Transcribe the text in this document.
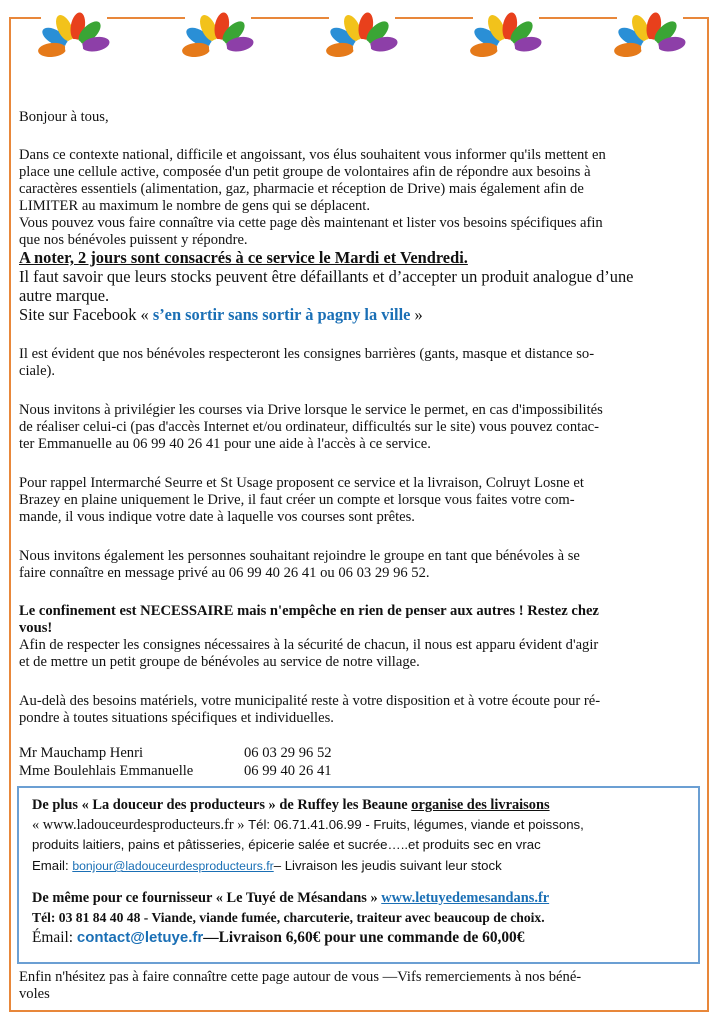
Bonjour à tous,

Dans ce contexte national, difficile et angoissant, vos élus souhaitent vous informer qu'ils mettent en

place une cellule active, composée d'un petit groupe de volontaires afin de répondre aux besoins à

caractères essentiels (alimentation, gaz, pharmacie et réception de Drive) mais également afin de

LIMITER au maximum le nombre de gens qui se déplacent.

Vous pouvez vous faire connaître via cette page dès maintenant et lister vos besoins spécifiques afin

que nos bénévoles puissent y répondre.

A noter, 2 jours sont consacrés à ce service le Mardi et Vendredi.

Il faut savoir que leurs stocks peuvent être défaillants et d’accepter un produit analogue d’une

autre marque.

Site sur Facebook « s’en sortir sans sortir à pagny la ville »

Il est évident que nos bénévoles respecteront les consignes barrières (gants, masque et distance so-

ciale).

Nous invitons à privilégier les courses via Drive lorsque le service le permet, en cas d'impossibilités

de réaliser celui-ci (pas d'accès Internet et/ou ordinateur, difficultés sur le site) vous pouvez contac-

ter Emmanuelle au 06 99 40 26 41 pour une aide à l'accès à ce service.

Pour rappel Intermarché Seurre et St Usage proposent ce service et la livraison, Colruyt Losne et

Brazey en plaine uniquement le Drive, il faut créer un compte et lorsque vous faites votre com-

mande, il vous indique votre date à laquelle vos courses sont prêtes.

Nous invitons également les personnes souhaitant rejoindre le groupe en tant que bénévoles à se

faire connaître en message privé au 06 99 40 26 41 ou 06 03 29 96 52.

Le confinement est NECESSAIRE mais n'empêche en rien de penser aux autres ! Restez chez

vous!

Afin de respecter les consignes nécessaires à la sécurité de chacun, il nous est apparu évident d'agir

et de mettre un petit groupe de bénévoles au service de notre village.

Au-delà des besoins matériels, votre municipalité reste à votre disposition et à votre écoute pour ré-

pondre à toutes situations spécifiques et individuelles.

Mr Mauchamp Henri	06 03 29 96 52

Mme Boulehlais Emmanuelle	06 99 40 26 41

De plus « La douceur des producteurs » de Ruffey les Beaune organise des livraisons

« www.ladouceurdesproducteurs.fr » Tél: 06.71.41.06.99 - Fruits, légumes, viande et poissons,

produits laitiers, pains et pâtisseries, épicerie salée et sucrée…..et produits sec en vrac

Email: bonjour@ladouceurdesproducteurs.fr– Livraison les jeudis suivant leur stock

De même pour ce fournisseur « Le Tuyé de Mésandans » www.letuyedemesandans.fr

Tél: 03 81 84 40 48 - Viande, viande fumée, charcuterie, traiteur avec beaucoup de choix.

Émail: contact@letuye.fr—Livraison 6,60€ pour une commande de 60,00€

Enfin n'hésitez pas à faire connaître cette page autour de vous —Vifs remerciements à nos béné-

voles
